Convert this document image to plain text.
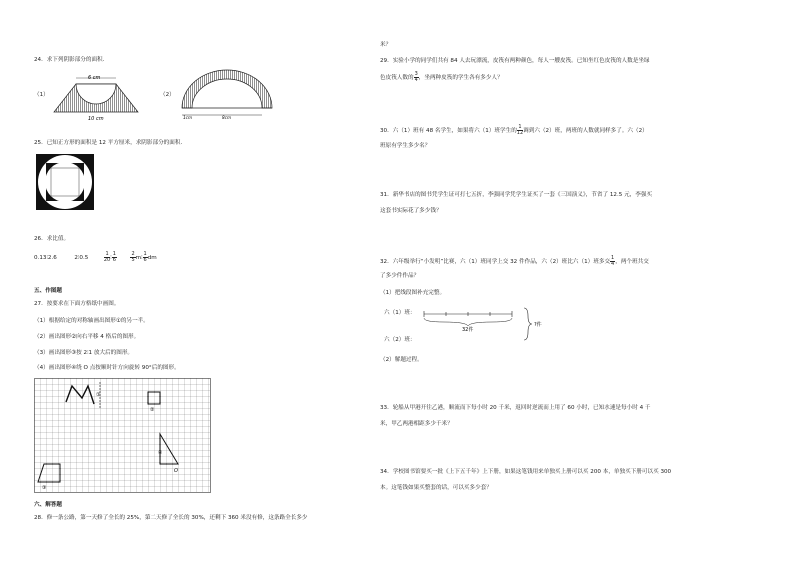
24．求下列阴影部分的面积．
（1）
6 cm
10 cm
（2）
1cm	8cm
25．已知正方形的面积是 12 平方厘米，求阴影部分的面积．
26．求比值。
0.13∶2.6	2∶0.5	$\frac{1}{20}$ ∶ $\frac{1}{6}$
	$\frac{2}{5}$ m∶ $\frac{1}{6}$ dm
五、作图题
27．按要求在下面方格纸中画图。
（1）根据给定的对称轴画出图形①的另一半。
（2）画出图形②向右平移 4 格后的图形。
（3）画出图形③按 2∶1 放大后的图形。
（4）画出图形④绕 O 点按顺时针方向旋转 90°后的图形。
①
②
③
④
O
六、解答题
28．修一条公路，第一天修了全长的 25%，第二天修了全长的 30%，还剩下 360 米没有修，这条路全长多少
米？
29．实验小学的同学们共有 84 人去玩漂流，皮筏有两种颜色，每人一艘皮筏。已知坐红色皮筏的人数是坐绿
色皮筏人数的 $\frac{3}{4}$ ，坐两种皮筏的学生各有多少人？
30．六（1）班有 48 名学生，如果将六（1）班学生的 $\frac{1}{12}$ 调到六（2）班，两班的人数就同样多了。六（2）
班原有学生多少名？
31．新华书店的图书凭学生证可打七五折，李强同学凭学生证买了一套《三国演义》，节省了 12.5 元，李强买
这套书实际花了多少钱？
32．六年级举行“小发明”比赛，六（1）班同学上交 32 件作品，六（2）班比六（1）班多交 $\frac{1}{4}$ ，两个班共交
了多少件作品？
（1）把线段图补充完整。
六（1）班：
32件
?件
六（2）班：
（2）解题过程。
33．轮船从甲港开往乙港，顺流而下每小时 20 千米，返回时逆流而上用了 60 小时，已知水速是每小时 4 千
米，甲乙两港相距多少千米？
34．学校图书馆要买一批《上下五千年》上下册，如果这笔钱用来单独买上册可以买 200 本，单独买下册可以买 300
本。这笔钱如果买整套的话，可以买多少套？
